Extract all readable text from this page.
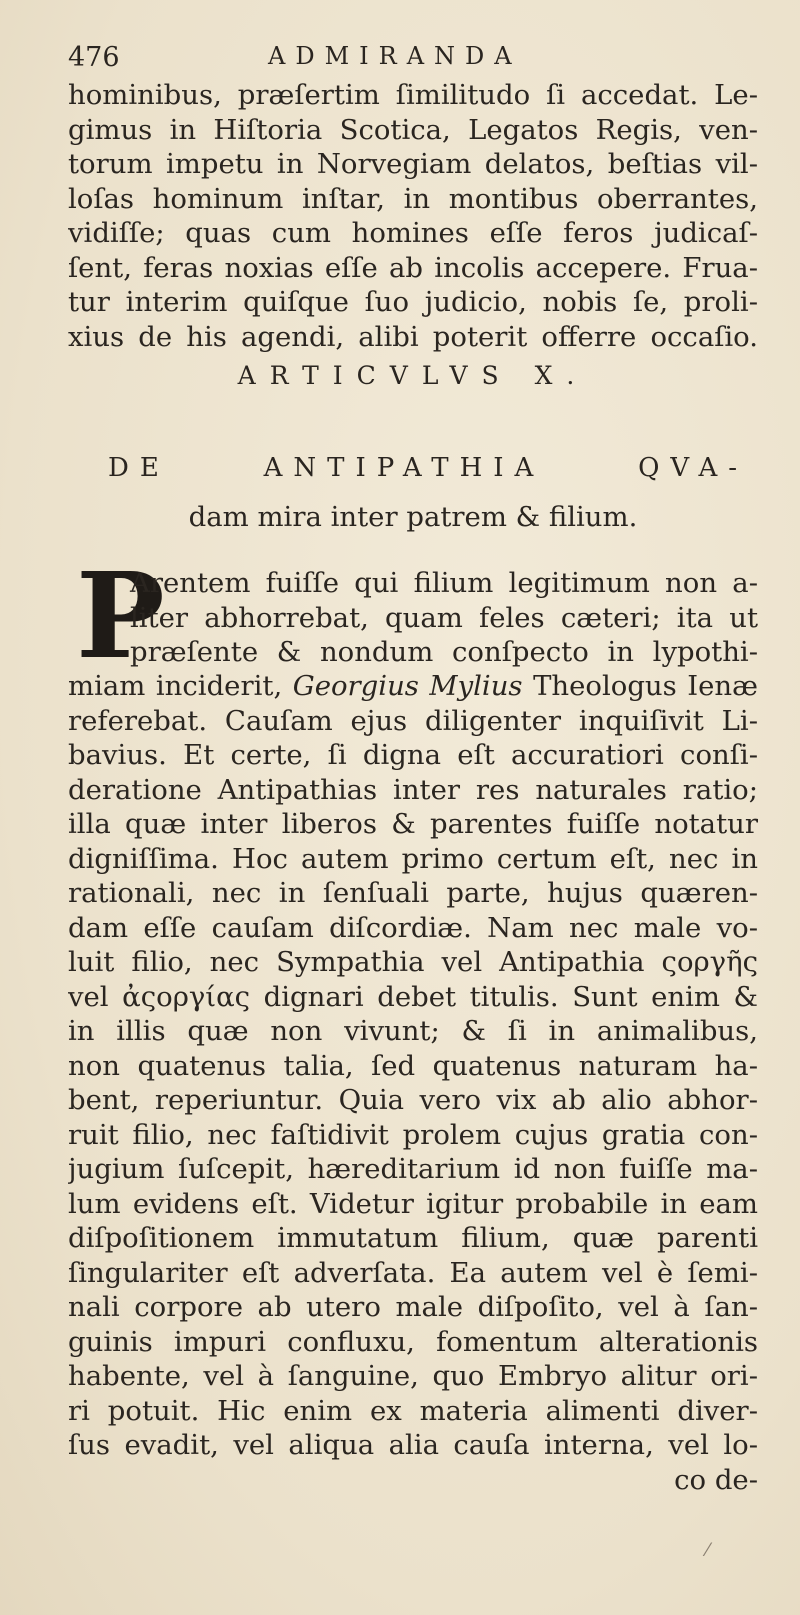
476	ADMIRANDA
hominibus, præſertim ſimilitudo ſi accedat. Le-
gimus in Hiſtoria Scotica, Legatos Regis, ven-
torum impetu in Norvegiam delatos, beſtias vil-
loſas hominum inſtar, in montibus oberrantes,
vidiſſe; quas cum homines eſſe feros judicaſ-
ſent, feras noxias eſſe ab incolis accepere. Frua-
tur interim quiſque ſuo judicio, nobis ſe, proli-
xius de his agendi, alibi poterit offerre occaſio.
ARTICVLVS X.
DE ANTIPATHIA QVA-
dam mira inter patrem & filium.
P
Arentem fuiſſe qui filium legitimum non a-
liter abhorrebat, quam feles cæteri; ita ut
præſente & nondum conſpecto in lypothi-
miam inciderit, Georgius Mylius Theologus Ienæ
referebat. Cauſam ejus diligenter inquiſivit Li-
bavius. Et certe, ſi digna eſt accuratiori conſi-
deratione Antipathias inter res naturales ratio;
illa quæ inter liberos & parentes fuiſſe notatur
digniſſima. Hoc autem primo certum eſt, nec in
rationali, nec in ſenſuali parte, hujus quæren-
dam eſſe cauſam diſcordiæ. Nam nec male vo-
luit filio, nec Sympathia vel Antipathia ςοργῆς
vel ἀςοργίας dignari debet titulis. Sunt enim &
in illis quæ non vivunt; & ſi in animalibus,
non quatenus talia, ſed quatenus naturam ha-
bent, reperiuntur. Quia vero vix ab alio abhor-
ruit filio, nec faſtidivit prolem cujus gratia con-
jugium ſuſcepit, hæreditarium id non fuiſſe ma-
lum evidens eſt. Videtur igitur probabile in eam
diſpoſitionem immutatum filium, quæ parenti
ſingulariter eſt adverſata. Ea autem vel è ſemi-
nali corpore ab utero male diſpoſito, vel à ſan-
guinis impuri confluxu, fomentum alterationis
habente, vel à ſanguine, quo Embryo alitur ori-
ri potuit. Hic enim ex materia alimenti diver-
ſus evadit, vel aliqua alia cauſa interna, vel lo-
co de-
⁄
